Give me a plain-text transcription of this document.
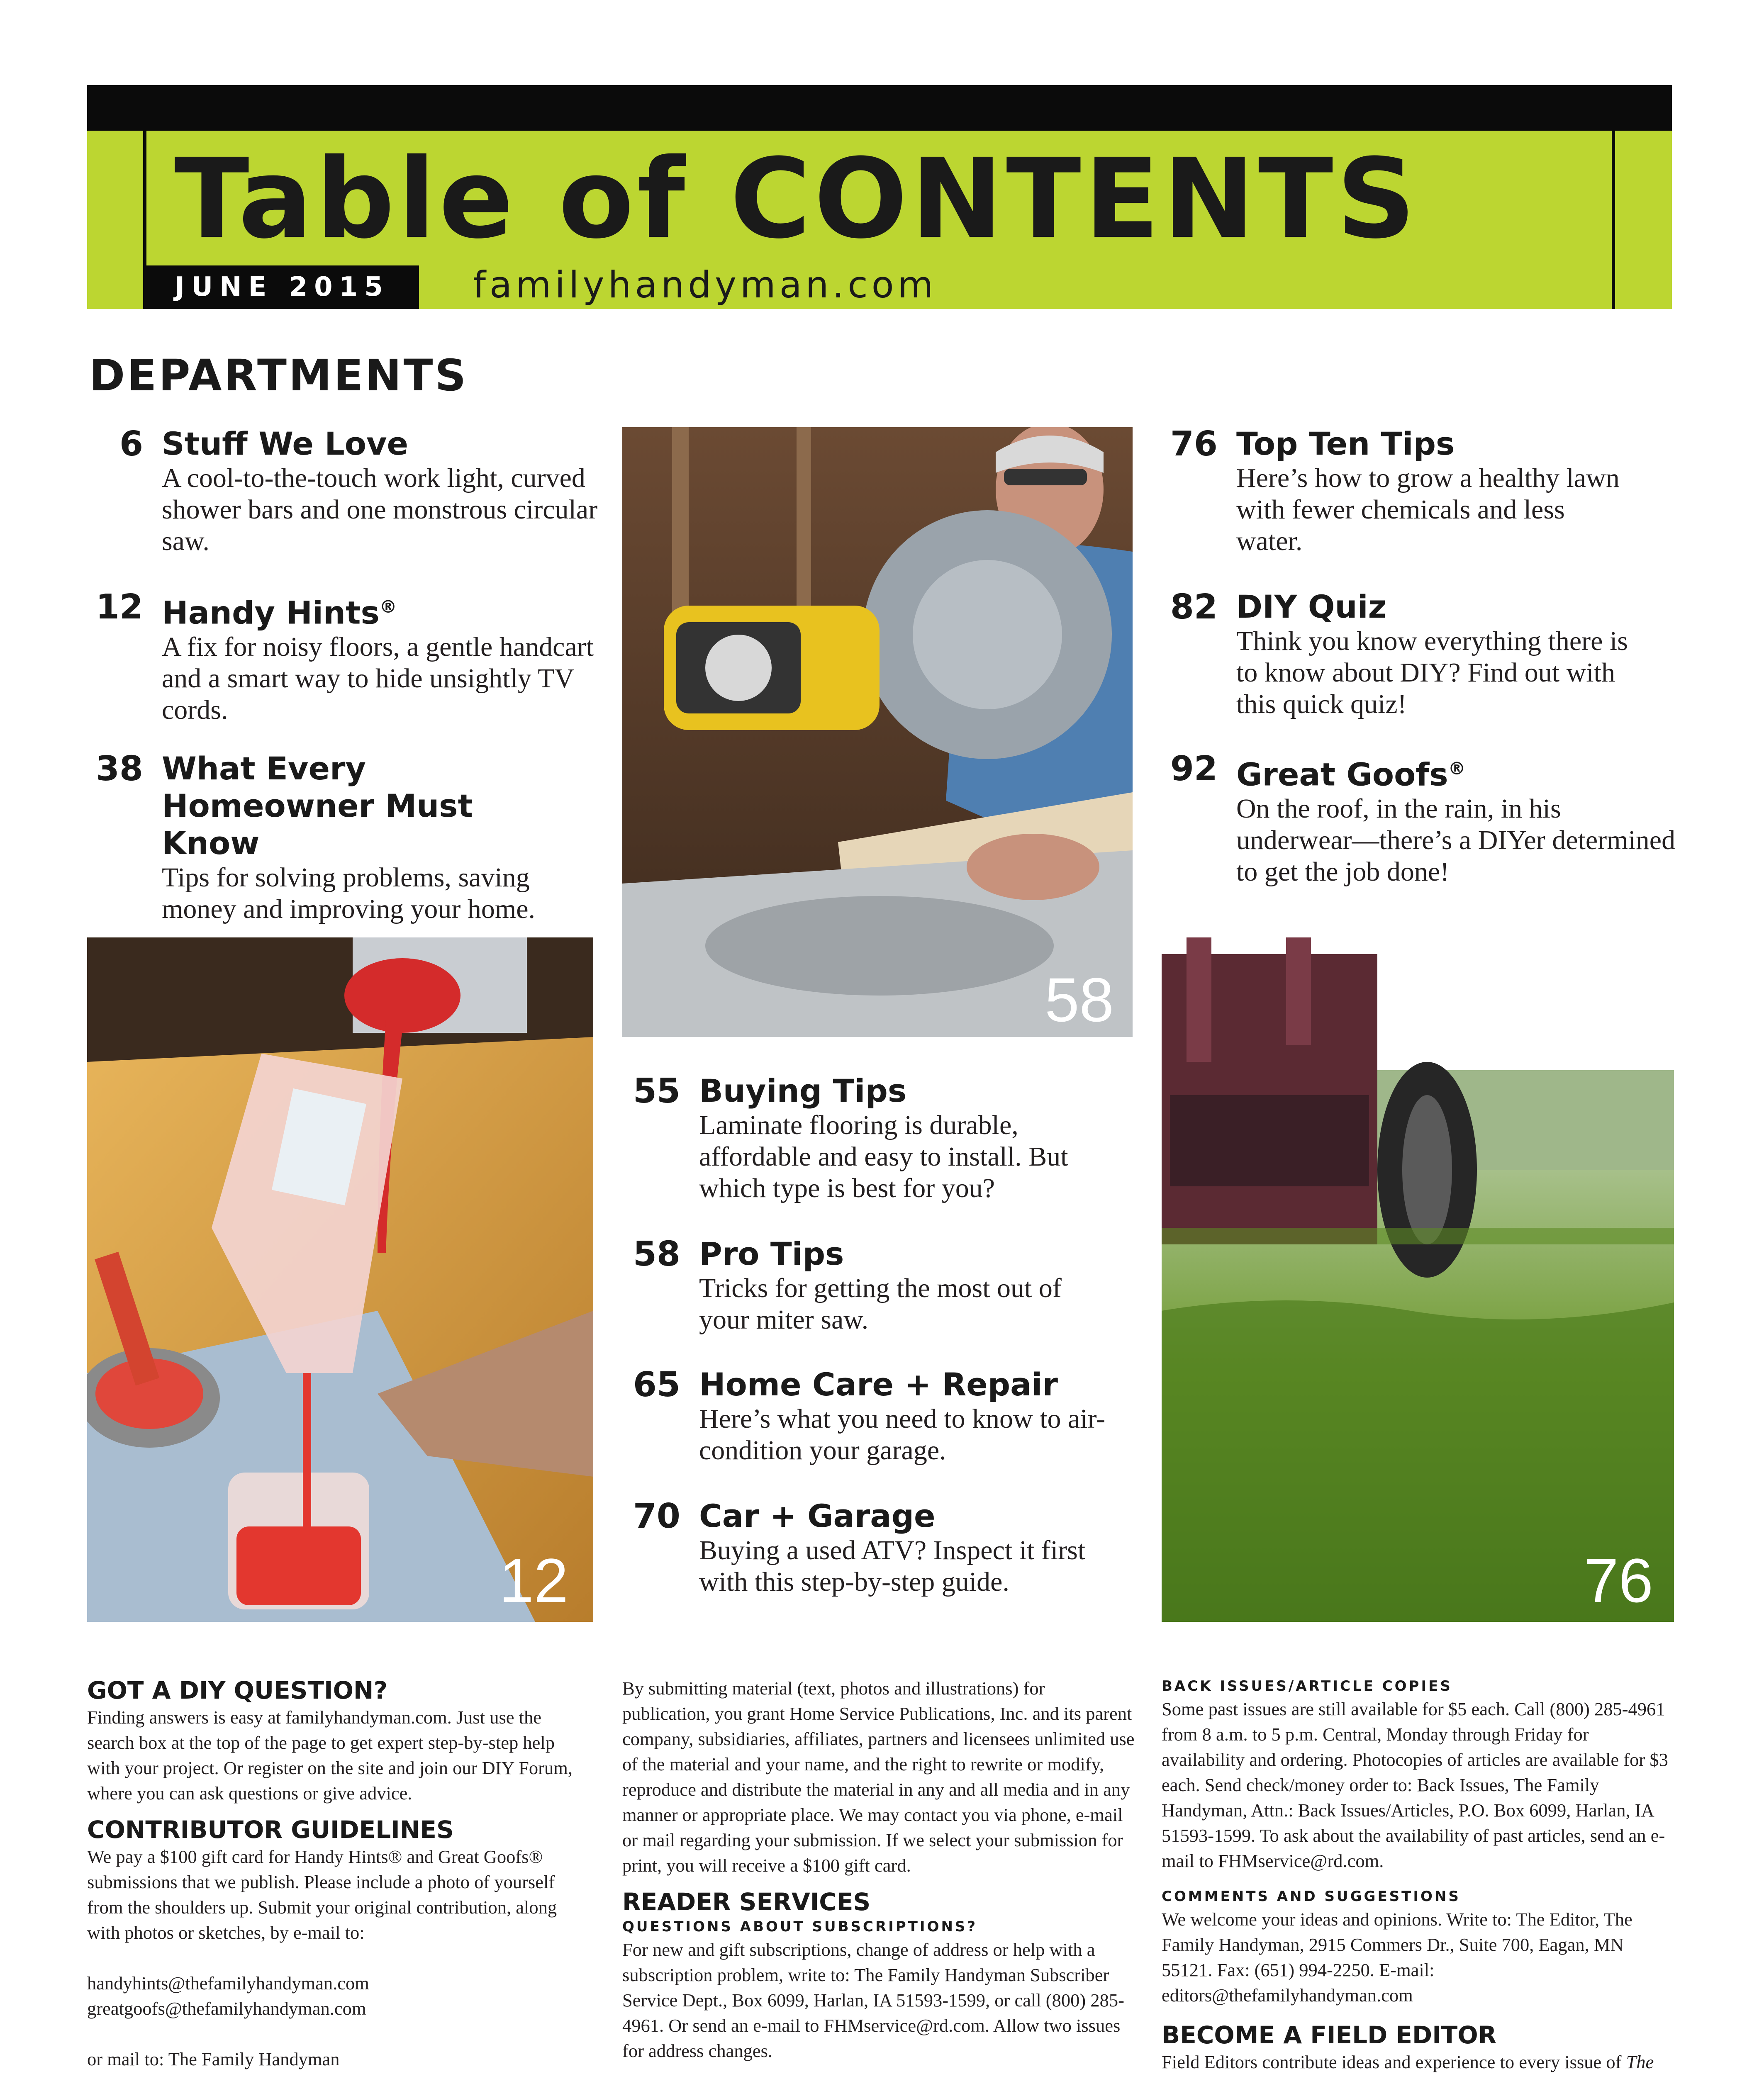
Table of CONTENTS
JUNE 2015	familyhandyman.com
DEPARTMENTS
6 Stuff We Love
A cool-to-the-touch work light, curved shower bars and one monstrous circular saw.
12 Handy Hints®
A fix for noisy floors, a gentle handcart and a smart way to hide unsightly TV cords.
38 What Every Homeowner Must Know
Tips for solving problems, saving money and improving your home.
55 Buying Tips
Laminate flooring is durable, affordable and easy to install. But which type is best for you?
58 Pro Tips
Tricks for getting the most out of your miter saw.
65 Home Care + Repair
Here’s what you need to know to air-condition your garage.
70 Car + Garage
Buying a used ATV? Inspect it first with this step-by-step guide.
76 Top Ten Tips
Here’s how to grow a healthy lawn with fewer chemicals and less water.
82 DIY Quiz
Think you know everything there is to know about DIY? Find out with this quick quiz!
92 Great Goofs®
On the roof, in the rain, in his underwear—there’s a DIYer determined to get the job done!
12
58
76

GOT A DIY QUESTION?

Finding answers is easy at familyhandyman.com. Just use the search box at the top of the page to get expert step-by-step help with your project. Or register on the site and join our DIY Forum, where you can ask questions or give advice.

CONTRIBUTOR GUIDELINES

We pay a $100 gift card for Handy Hints® and Great Goofs® submissions that we publish. Please include a photo of yourself from the shoulders up. Submit your original contribution, along with photos or sketches, by e-mail to:

handyhints@thefamilyhandyman.com

greatgoofs@thefamilyhandyman.com

or mail to: The Family Handyman

By submitting material (text, photos and illustrations) for publication, you grant Home Service Publications, Inc. and its parent company, subsidiaries, affiliates, partners and licensees unlimited use of the material and your name, and the right to rewrite or modify, reproduce and distribute the material in any and all media and in any manner or appropriate place. We may contact you via phone, e-mail or mail regarding your submission. If we select your submission for print, you will receive a $100 gift card.

READER SERVICES

QUESTIONS ABOUT SUBSCRIPTIONS?

For new and gift subscriptions, change of address or help with a subscription problem, write to: The Family Handyman Subscriber Service Dept., Box 6099, Harlan, IA 51593-1599, or call (800) 285-4961. Or send an e-mail to FHMservice@rd.com. Allow two issues for address changes.

BACK ISSUES/ARTICLE COPIES

Some past issues are still available for $5 each. Call (800) 285-4961 from 8 a.m. to 5 p.m. Central, Monday through Friday for availability and ordering. Photocopies of articles are available for $3 each. Send check/money order to: Back Issues, The Family Handyman, Attn.: Back Issues/Articles, P.O. Box 6099, Harlan, IA 51593-1599. To ask about the availability of past articles, send an e-mail to FHMservice@rd.com.

COMMENTS AND SUGGESTIONS

We welcome your ideas and opinions. Write to: The Editor, The Family Handyman, 2915 Commers Dr., Suite 700, Eagan, MN 55121. Fax: (651) 994-2250. E-mail: editors@thefamilyhandyman.com

BECOME A FIELD EDITOR

Field Editors contribute ideas and experience to every issue of The
